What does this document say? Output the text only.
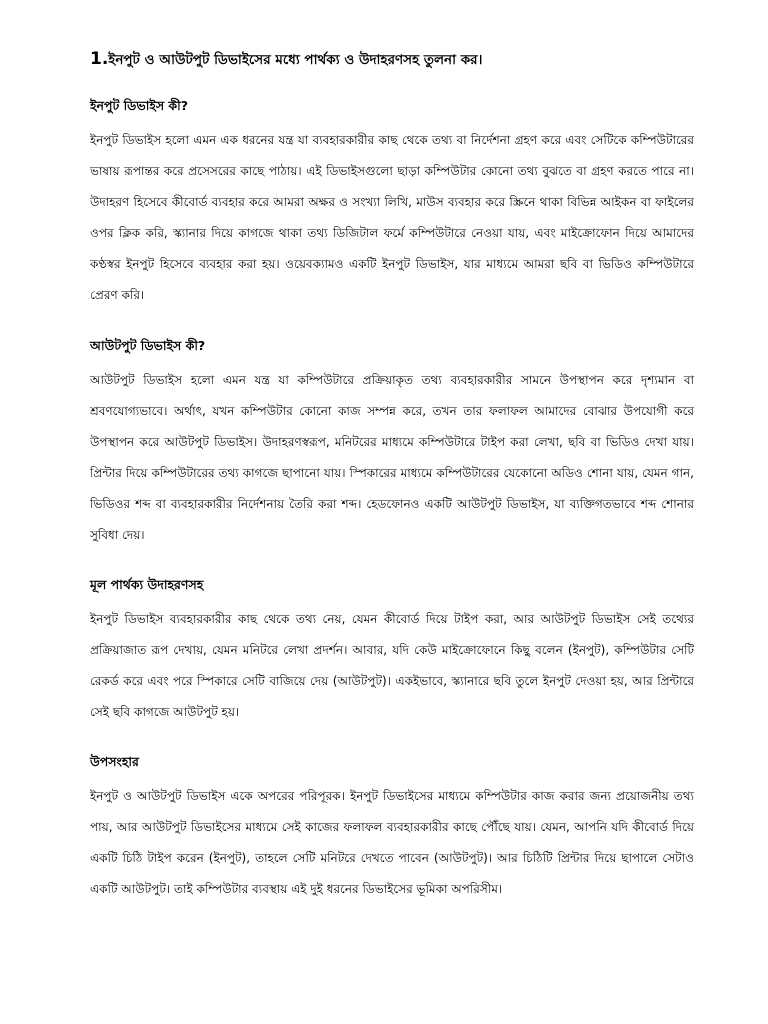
1.ইনপুট ও আউটপুট ডিভাইসের মধ্যে পার্থক্য ও উদাহরণসহ তুলনা কর।
ইনপুট ডিভাইস কী?

ইনপুট ডিভাইস হলো এমন এক ধরনের যন্ত্র যা ব্যবহারকারীর কাছ থেকে তথ্য বা নির্দেশনা গ্রহণ করে এবং সেটিকে কম্পিউটারের ভাষায় রূপান্তর করে প্রসেসরের কাছে পাঠায়। এই ডিভাইসগুলো ছাড়া কম্পিউটার কোনো তথ্য বুঝতে বা গ্রহণ করতে পারে না। উদাহরণ হিসেবে কীবোর্ড ব্যবহার করে আমরা অক্ষর ও সংখ্যা লিখি, মাউস ব্যবহার করে স্ক্রিনে থাকা বিভিন্ন আইকন বা ফাইলের ওপর ক্লিক করি, স্ক্যানার দিয়ে কাগজে থাকা তথ্য ডিজিটাল ফর্মে কম্পিউটারে নেওয়া যায়, এবং মাইক্রোফোন দিয়ে আমাদের কণ্ঠস্বর ইনপুট হিসেবে ব্যবহার করা হয়। ওয়েবক্যামও একটি ইনপুট ডিভাইস, যার মাধ্যমে আমরা ছবি বা ভিডিও কম্পিউটারে প্রেরণ করি।

আউটপুট ডিভাইস কী?

আউটপুট ডিভাইস হলো এমন যন্ত্র যা কম্পিউটারে প্রক্রিয়াকৃত তথ্য ব্যবহারকারীর সামনে উপস্থাপন করে দৃশ্যমান বা শ্রবণযোগ্যভাবে। অর্থাৎ, যখন কম্পিউটার কোনো কাজ সম্পন্ন করে, তখন তার ফলাফল আমাদের বোঝার উপযোগী করে উপস্থাপন করে আউটপুট ডিভাইস। উদাহরণস্বরূপ, মনিটরের মাধ্যমে কম্পিউটারে টাইপ করা লেখা, ছবি বা ভিডিও দেখা যায়। প্রিন্টার দিয়ে কম্পিউটারের তথ্য কাগজে ছাপানো যায়। স্পিকারের মাধ্যমে কম্পিউটারের যেকোনো অডিও শোনা যায়, যেমন গান, ভিডিওর শব্দ বা ব্যবহারকারীর নির্দেশনায় তৈরি করা শব্দ। হেডফোনও একটি আউটপুট ডিভাইস, যা ব্যক্তিগতভাবে শব্দ শোনার সুবিধা দেয়।

মূল পার্থক্য উদাহরণসহ

ইনপুট ডিভাইস ব্যবহারকারীর কাছ থেকে তথ্য নেয়, যেমন কীবোর্ড দিয়ে টাইপ করা, আর আউটপুট ডিভাইস সেই তথ্যের প্রক্রিয়াজাত রূপ দেখায়, যেমন মনিটরে লেখা প্রদর্শন। আবার, যদি কেউ মাইক্রোফোনে কিছু বলেন (ইনপুট), কম্পিউটার সেটি রেকর্ড করে এবং পরে স্পিকারে সেটি বাজিয়ে দেয় (আউটপুট)। একইভাবে, স্ক্যানারে ছবি তুলে ইনপুট দেওয়া হয়, আর প্রিন্টারে সেই ছবি কাগজে আউটপুট হয়।

উপসংহার

ইনপুট ও আউটপুট ডিভাইস একে অপরের পরিপূরক। ইনপুট ডিভাইসের মাধ্যমে কম্পিউটার কাজ করার জন্য প্রয়োজনীয় তথ্য পায়, আর আউটপুট ডিভাইসের মাধ্যমে সেই কাজের ফলাফল ব্যবহারকারীর কাছে পৌঁছে যায়। যেমন, আপনি যদি কীবোর্ড দিয়ে একটি চিঠি টাইপ করেন (ইনপুট), তাহলে সেটি মনিটরে দেখতে পাবেন (আউটপুট)। আর চিঠিটি প্রিন্টার দিয়ে ছাপালে সেটাও একটি আউটপুট। তাই কম্পিউটার ব্যবস্থায় এই দুই ধরনের ডিভাইসের ভূমিকা অপরিসীম।
